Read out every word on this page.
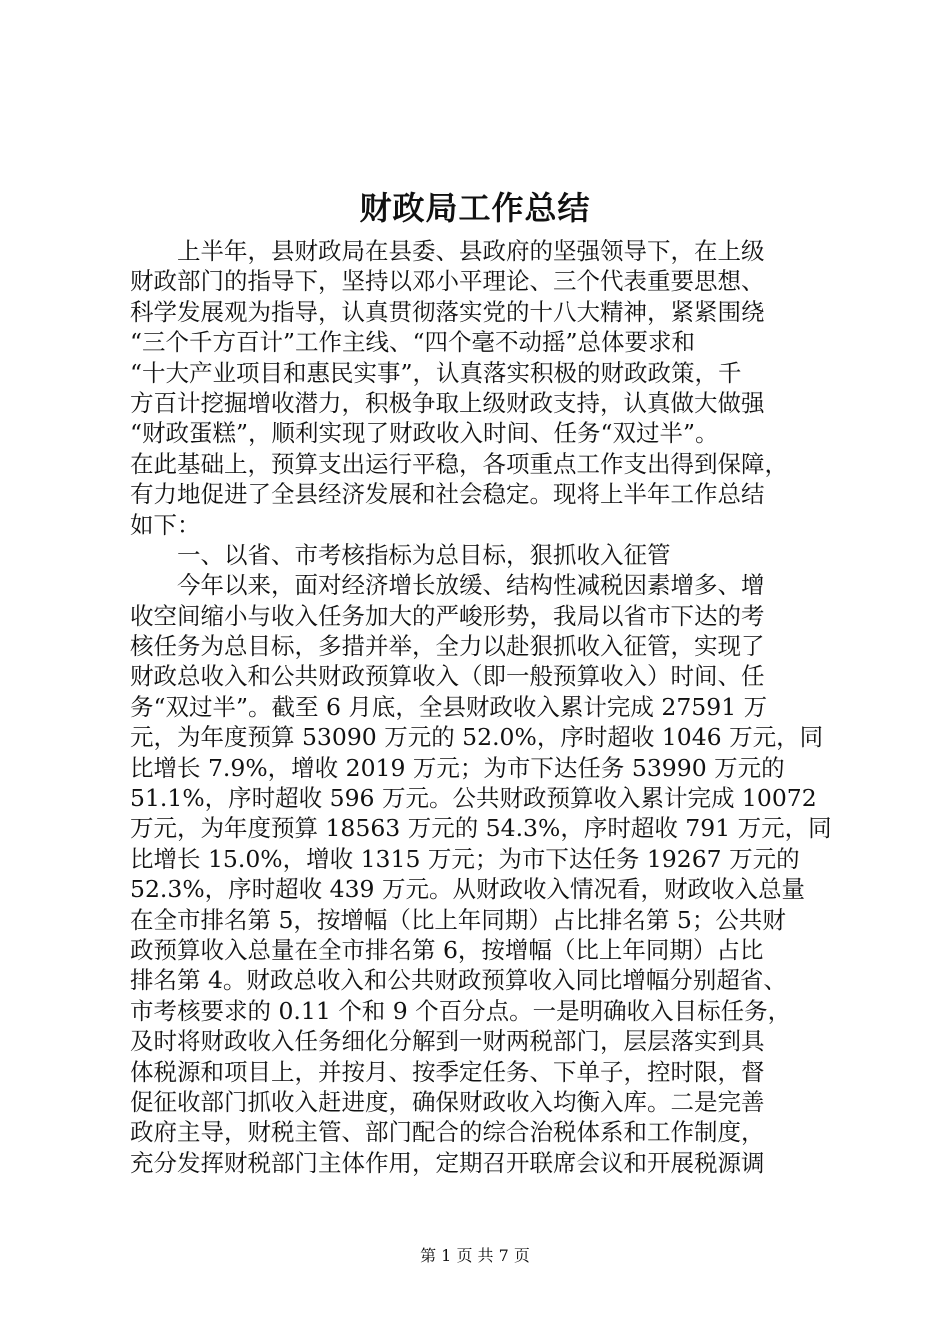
财政局工作总结
上半年，县财政局在县委、县政府的坚强领导下，在上级
财政部门的指导下，坚持以邓小平理论、三个代表重要思想、
科学发展观为指导，认真贯彻落实党的十八大精神，紧紧围绕
“三个千方百计”工作主线、“四个毫不动摇”总体要求和
“十大产业项目和惠民实事”，认真落实积极的财政政策，千
方百计挖掘增收潜力，积极争取上级财政支持，认真做大做强
“财政蛋糕”，顺利实现了财政收入时间、任务“双过半”。
在此基础上，预算支出运行平稳，各项重点工作支出得到保障，
有力地促进了全县经济发展和社会稳定。现将上半年工作总结
如下：
一、以省、市考核指标为总目标，狠抓收入征管
今年以来，面对经济增长放缓、结构性减税因素增多、增
收空间缩小与收入任务加大的严峻形势，我局以省市下达的考
核任务为总目标，多措并举，全力以赴狠抓收入征管，实现了
财政总收入和公共财政预算收入（即一般预算收入）时间、任
务“双过半”。截至 6 月底，全县财政收入累计完成 27591 万
元，为年度预算 53090 万元的 52.0%，序时超收 1046 万元，同
比增长 7.9%，增收 2019 万元；为市下达任务 53990 万元的
51.1%，序时超收 596 万元。公共财政预算收入累计完成 10072
万元，为年度预算 18563 万元的 54.3%，序时超收 791 万元，同
比增长 15.0%，增收 1315 万元；为市下达任务 19267 万元的
52.3%，序时超收 439 万元。从财政收入情况看，财政收入总量
在全市排名第 5，按增幅（比上年同期）占比排名第 5；公共财
政预算收入总量在全市排名第 6，按增幅（比上年同期）占比
排名第 4。财政总收入和公共财政预算收入同比增幅分别超省、
市考核要求的 0.11 个和 9 个百分点。一是明确收入目标任务，
及时将财政收入任务细化分解到一财两税部门，层层落实到具
体税源和项目上，并按月、按季定任务、下单子，控时限，督
促征收部门抓收入赶进度，确保财政收入均衡入库。二是完善
政府主导，财税主管、部门配合的综合治税体系和工作制度，
充分发挥财税部门主体作用，定期召开联席会议和开展税源调
第 1 页 共 7 页
